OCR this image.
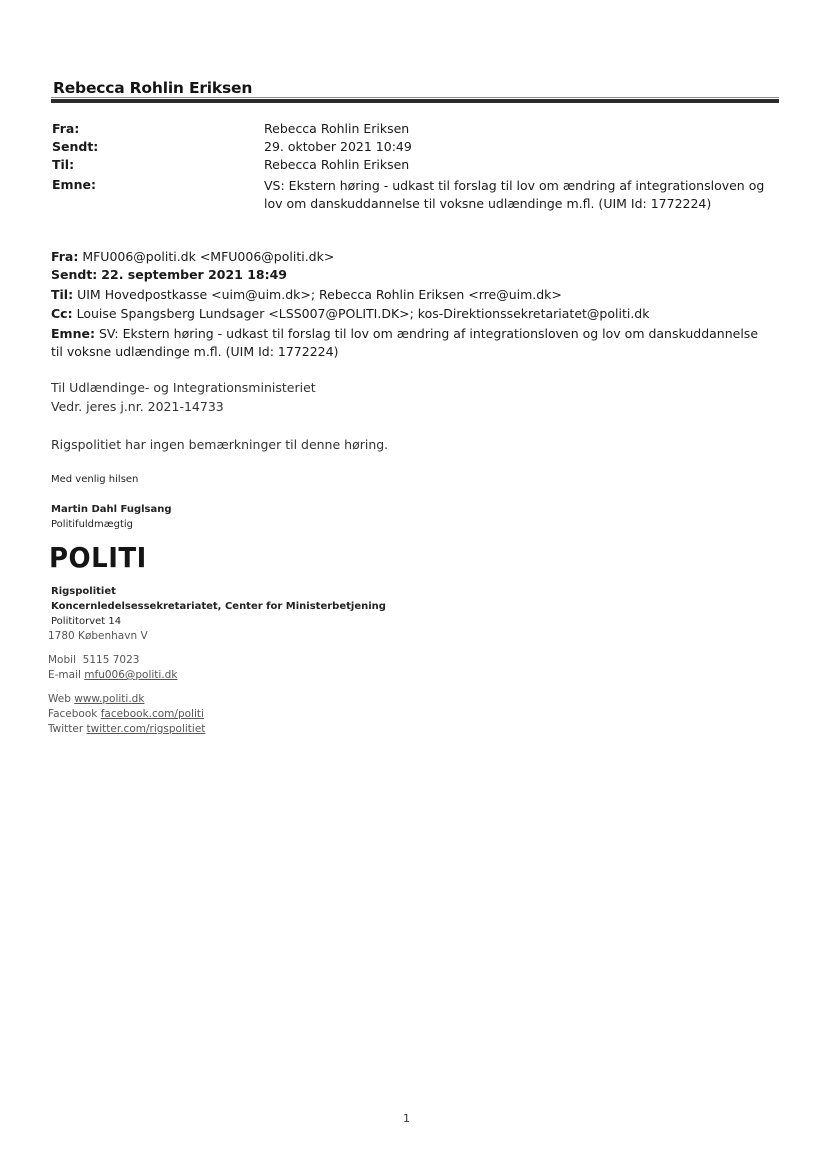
Rebecca Rohlin Eriksen
Fra:	Rebecca Rohlin Eriksen
Sendt:	29. oktober 2021 10:49
Til:	Rebecca Rohlin Eriksen
Emne:	VS: Ekstern høring - udkast til forslag til lov om ændring af integrationsloven og lov om danskuddannelse til voksne udlændinge m.fl. (UIM Id: 1772224)
Fra: MFU006@politi.dk <MFU006@politi.dk>
Sendt: 22. september 2021 18:49
Til: UIM Hovedpostkasse <uim@uim.dk>; Rebecca Rohlin Eriksen <rre@uim.dk>
Cc: Louise Spangsberg Lundsager <LSS007@POLITI.DK>; kos-Direktionssekretariatet@politi.dk
Emne: SV: Ekstern høring - udkast til forslag til lov om ændring af integrationsloven og lov om danskuddannelse til voksne udlændinge m.fl. (UIM Id: 1772224)
Til Udlændinge- og Integrationsministeriet
Vedr. jeres j.nr. 2021-14733
Rigspolitiet har ingen bemærkninger til denne høring.
Med venlig hilsen
Martin Dahl Fuglsang
Politifuldmægtig
POLITI
Rigspolitiet
Koncernledelsessekretariatet, Center for Ministerbetjening
Polititorvet 14
1780 København V
Mobil 5115 7023
E-mail mfu006@politi.dk
Web www.politi.dk
Facebook facebook.com/politi
Twitter twitter.com/rigspolitiet
1
